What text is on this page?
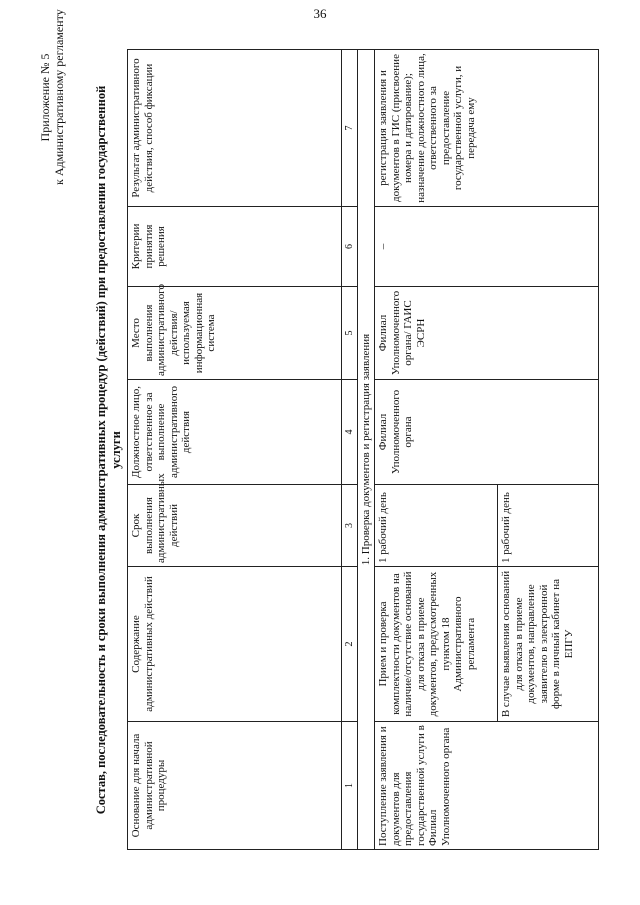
36
Приложение № 5 к Административному регламенту Состав, последовательность и сроки выполнения административных процедур (действий) при предоставлении государственной услуги
Основание для начала административной процедуры	Содержание административных действий	Срок выполнения административных действий	Должностное лицо, ответственное за выполнение административного действия	Место выполнения административного действия/ используемая информационная система	Критерии принятия решения	Результат административного действия, способ фиксации
1	2	3	4	5	6	7
1. Проверка документов и регистрация заявления						
Поступление заявления и документов для предоставления государственной услуги в Филиал Уполномоченного органа	Прием и проверка комплектности документов на наличие/отсутствие оснований для отказа в приеме документов, предусмотренных пунктом 18 Административного регламента	1 рабочий день	Филиал Уполномоченного органа	Филиал Уполномоченного органа/ ГАИС ЭСРН	–	регистрация заявления и документов в ГИС (присвоение номера и датирование); назначение должностного лица, ответственного за предоставление государственной услуги, и передача ему
	В случае выявления оснований для отказа в приеме документов, направление заявителю в электронной форме в личный кабинет на ЕПГУ	1 рабочий день				
